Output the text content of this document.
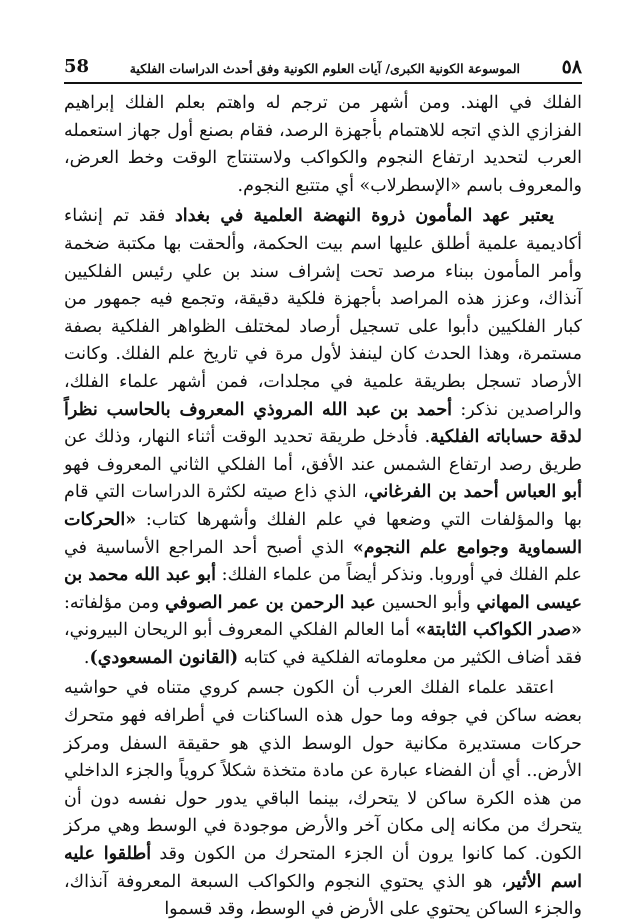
٥٨
الموسوعة الكونية الكبرى/ آيات العلوم الكونية وفق أحدث الدراسات الفلكية
58

الفلك في الهند. ومن أشهر من ترجم له واهتم بعلم الفلك إبراهيم الفزازي الذي اتجه للاهتمام بأجهزة الرصد، فقام بصنع أول جهاز استعمله العرب لتحديد ارتفاع النجوم والكواكب ولاستنتاج الوقت وخط العرض، والمعروف باسم «الإسطرلاب» أي متتبع النجوم.

يعتبر عهد المأمون ذروة النهضة العلمية في بغداد فقد تم إنشاء أكاديمية علمية أطلق عليها اسم بيت الحكمة، وألحقت بها مكتبة ضخمة وأمر المأمون ببناء مرصد تحت إشراف سند بن علي رئيس الفلكيين آنذاك، وعزز هذه المراصد بأجهزة فلكية دقيقة، وتجمع فيه جمهور من كبار الفلكيين دأبوا على تسجيل أرصاد لمختلف الظواهر الفلكية بصفة مستمرة، وهذا الحدث كان لينفذ لأول مرة في تاريخ علم الفلك. وكانت الأرصاد تسجل بطريقة علمية في مجلدات، فمن أشهر علماء الفلك، والراصدين نذكر: أحمد بن عبد الله المروذي المعروف بالحاسب نظراً لدقة حساباته الفلكية. فأدخل طريقة تحديد الوقت أثناء النهار، وذلك عن طريق رصد ارتفاع الشمس عند الأفق، أما الفلكي الثاني المعروف فهو أبو العباس أحمد بن الفرغاني، الذي ذاع صيته لكثرة الدراسات التي قام بها والمؤلفات التي وضعها في علم الفلك وأشهرها كتاب: «الحركات السماوية وجوامع علم النجوم» الذي أصبح أحد المراجع الأساسية في علم الفلك في أوروبا. ونذكر أيضاً من علماء الفلك: أبو عبد الله محمد بن عيسى المهاني وأبو الحسين عبد الرحمن بن عمر الصوفي ومن مؤلفاته: «صدر الكواكب الثابتة» أما العالم الفلكي المعروف أبو الريحان البيروني، فقد أضاف الكثير من معلوماته الفلكية في كتابه (القانون المسعودي).

اعتقد علماء الفلك العرب أن الكون جسم كروي متناه في حواشيه بعضه ساكن في جوفه وما حول هذه الساكنات في أطرافه فهو متحرك حركات مستديرة مكانية حول الوسط الذي هو حقيقة السفل ومركز الأرض.. أي أن الفضاء عبارة عن مادة متخذة شكلاً كروياً والجزء الداخلي من هذه الكرة ساكن لا يتحرك، بينما الباقي يدور حول نفسه دون أن يتحرك من مكانه إلى مكان آخر والأرض موجودة في الوسط وهي مركز الكون. كما كانوا يرون أن الجزء المتحرك من الكون وقد أطلقوا عليه اسم الأثير، هو الذي يحتوي النجوم والكواكب السبعة المعروفة آنذاك، والجزء الساكن يحتوي على الأرض في الوسط، وقد قسموا
